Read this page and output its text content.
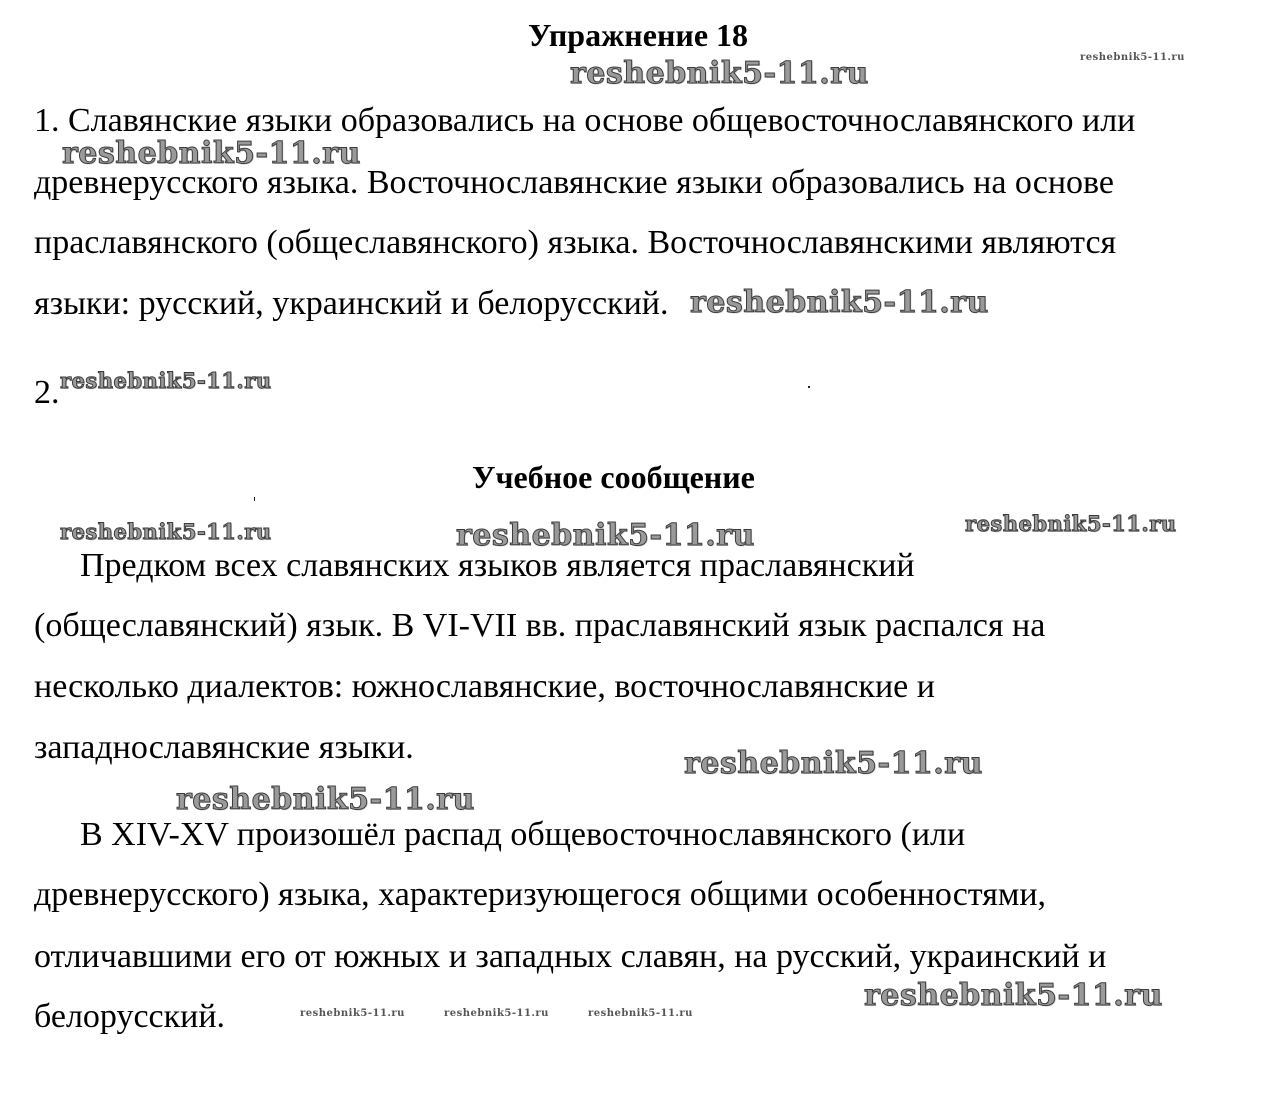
Упражнение 18
1. Славянские языки образовались на основе общевосточнославянского или
древнерусского языка. Восточнославянские языки образовались на основе
праславянского (общеславянского) языка. Восточнославянскими являются
языки: русский, украинский и белорусский.
2.
Учебное сообщение
Предком всех славянских языков является праславянский
(общеславянский) язык. В VI-VII вв. праславянский язык распался на
несколько диалектов: южнославянские, восточнославянские и
западнославянские языки.
В XIV-XV произошёл распад общевосточнославянского (или
древнерусского) языка, характеризующегося общими особенностями,
отличавшими его от южных и западных славян, на русский, украинский и
белорусский.
reshebnik5-11.ru	reshebnik5-11.ru
reshebnik5-11.ru
reshebnik5-11.ru
reshebnik5-11.ru
reshebnik5-11.ru	reshebnik5-11.ru	reshebnik5-11.ru
reshebnik5-11.ru
reshebnik5-11.ru
reshebnik5-11.ru
reshebnik5-11.ru	reshebnik5-11.ru	reshebnik5-11.ru
